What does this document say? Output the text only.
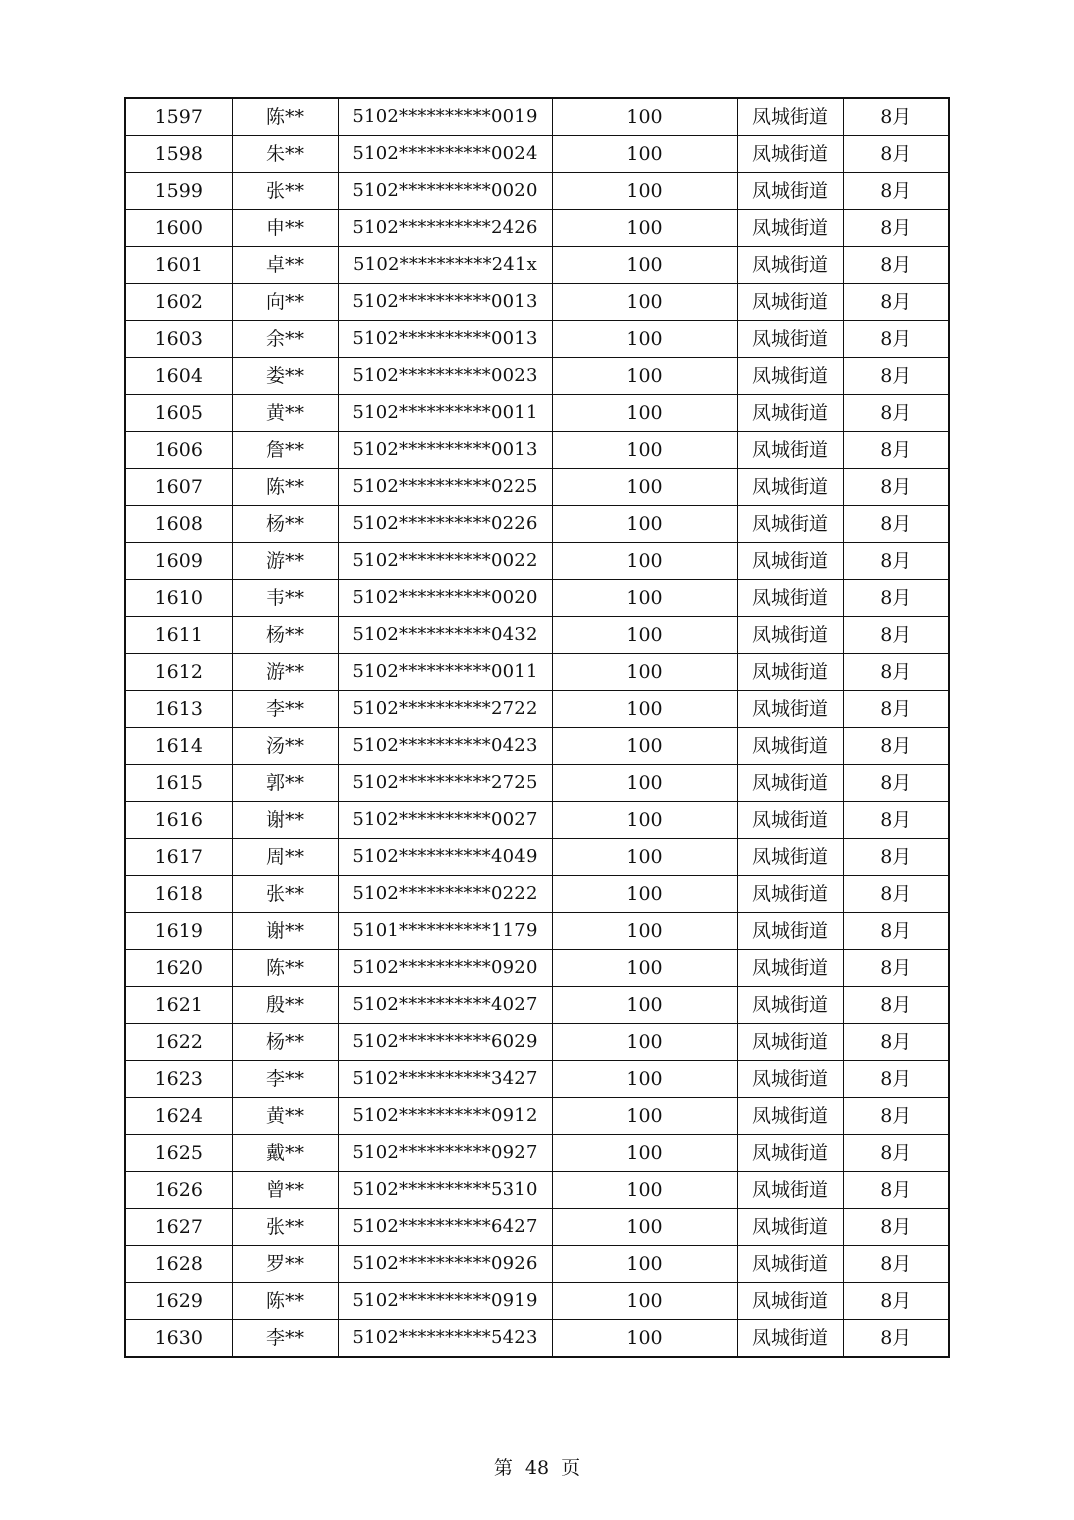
1597	陈**	5102**********0019	100	凤城街道	8月
1598	朱**	5102**********0024	100	凤城街道	8月
1599	张**	5102**********0020	100	凤城街道	8月
1600	申**	5102**********2426	100	凤城街道	8月
1601	卓**	5102**********241x	100	凤城街道	8月
1602	向**	5102**********0013	100	凤城街道	8月
1603	余**	5102**********0013	100	凤城街道	8月
1604	娄**	5102**********0023	100	凤城街道	8月
1605	黄**	5102**********0011	100	凤城街道	8月
1606	詹**	5102**********0013	100	凤城街道	8月
1607	陈**	5102**********0225	100	凤城街道	8月
1608	杨**	5102**********0226	100	凤城街道	8月
1609	游**	5102**********0022	100	凤城街道	8月
1610	韦**	5102**********0020	100	凤城街道	8月
1611	杨**	5102**********0432	100	凤城街道	8月
1612	游**	5102**********0011	100	凤城街道	8月
1613	李**	5102**********2722	100	凤城街道	8月
1614	汤**	5102**********0423	100	凤城街道	8月
1615	郭**	5102**********2725	100	凤城街道	8月
1616	谢**	5102**********0027	100	凤城街道	8月
1617	周**	5102**********4049	100	凤城街道	8月
1618	张**	5102**********0222	100	凤城街道	8月
1619	谢**	5101**********1179	100	凤城街道	8月
1620	陈**	5102**********0920	100	凤城街道	8月
1621	殷**	5102**********4027	100	凤城街道	8月
1622	杨**	5102**********6029	100	凤城街道	8月
1623	李**	5102**********3427	100	凤城街道	8月
1624	黄**	5102**********0912	100	凤城街道	8月
1625	戴**	5102**********0927	100	凤城街道	8月
1626	曾**	5102**********5310	100	凤城街道	8月
1627	张**	5102**********6427	100	凤城街道	8月
1628	罗**	5102**********0926	100	凤城街道	8月
1629	陈**	5102**********0919	100	凤城街道	8月
1630	李**	5102**********5423	100	凤城街道	8月
第 48 页
